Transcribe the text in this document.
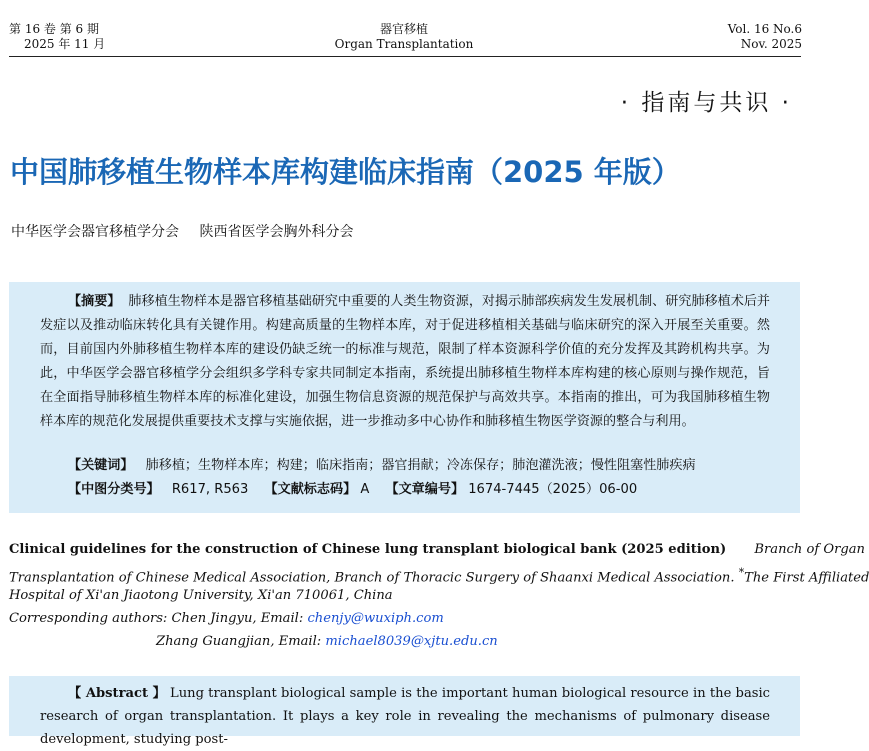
第 16 卷 第 6 期
2025 年 11 月
器官移植
Organ Transplantation
Vol. 16 No.6
Nov. 2025
· 指南与共识 ·
中国肺移植生物样本库构建临床指南（2025 年版）
中华医学会器官移植学分会 陕西省医学会胸外科分会
【摘要】 肺移植生物样本是器官移植基础研究中重要的人类生物资源，对揭示肺部疾病发生发展机制、研究肺移植术后并发症以及推动临床转化具有关键作用。构建高质量的生物样本库，对于促进移植相关基础与临床研究的深入开展至关重要。然而，目前国内外肺移植生物样本库的建设仍缺乏统一的标准与规范，限制了样本资源科学价值的充分发挥及其跨机构共享。为此，中华医学会器官移植学分会组织多学科专家共同制定本指南，系统提出肺移植生物样本库构建的核心原则与操作规范，旨在全面指导肺移植生物样本库的标准化建设，加强生物信息资源的规范保护与高效共享。本指南的推出，可为我国肺移植生物样本库的规范化发展提供重要技术支撑与实施依据，进一步推动多中心协作和肺移植生物医学资源的整合与利用。
【关键词】 肺移植；生物样本库；构建；临床指南；器官捐献；冷冻保存；肺泡灌洗液；慢性阻塞性肺疾病
【中图分类号】 R617, R563 【文献标志码】 A 【文章编号】 1674-7445（2025）06-00
Clinical guidelines for the construction of Chinese lung transplant biological bank (2025 edition) Branch of Organ
Transplantation of Chinese Medical Association, Branch of Thoracic Surgery of Shaanxi Medical Association. *The First Affiliated
Hospital of Xi'an Jiaotong University, Xi'an 710061, China
Corresponding authors: Chen Jingyu, Email: chenjy@wuxiph.com
Zhang Guangjian, Email: michael8039@xjtu.edu.cn
【 Abstract 】 Lung transplant biological sample is the important human biological resource in the basic research of organ transplantation. It plays a key role in revealing the mechanisms of pulmonary disease development, studying post-
